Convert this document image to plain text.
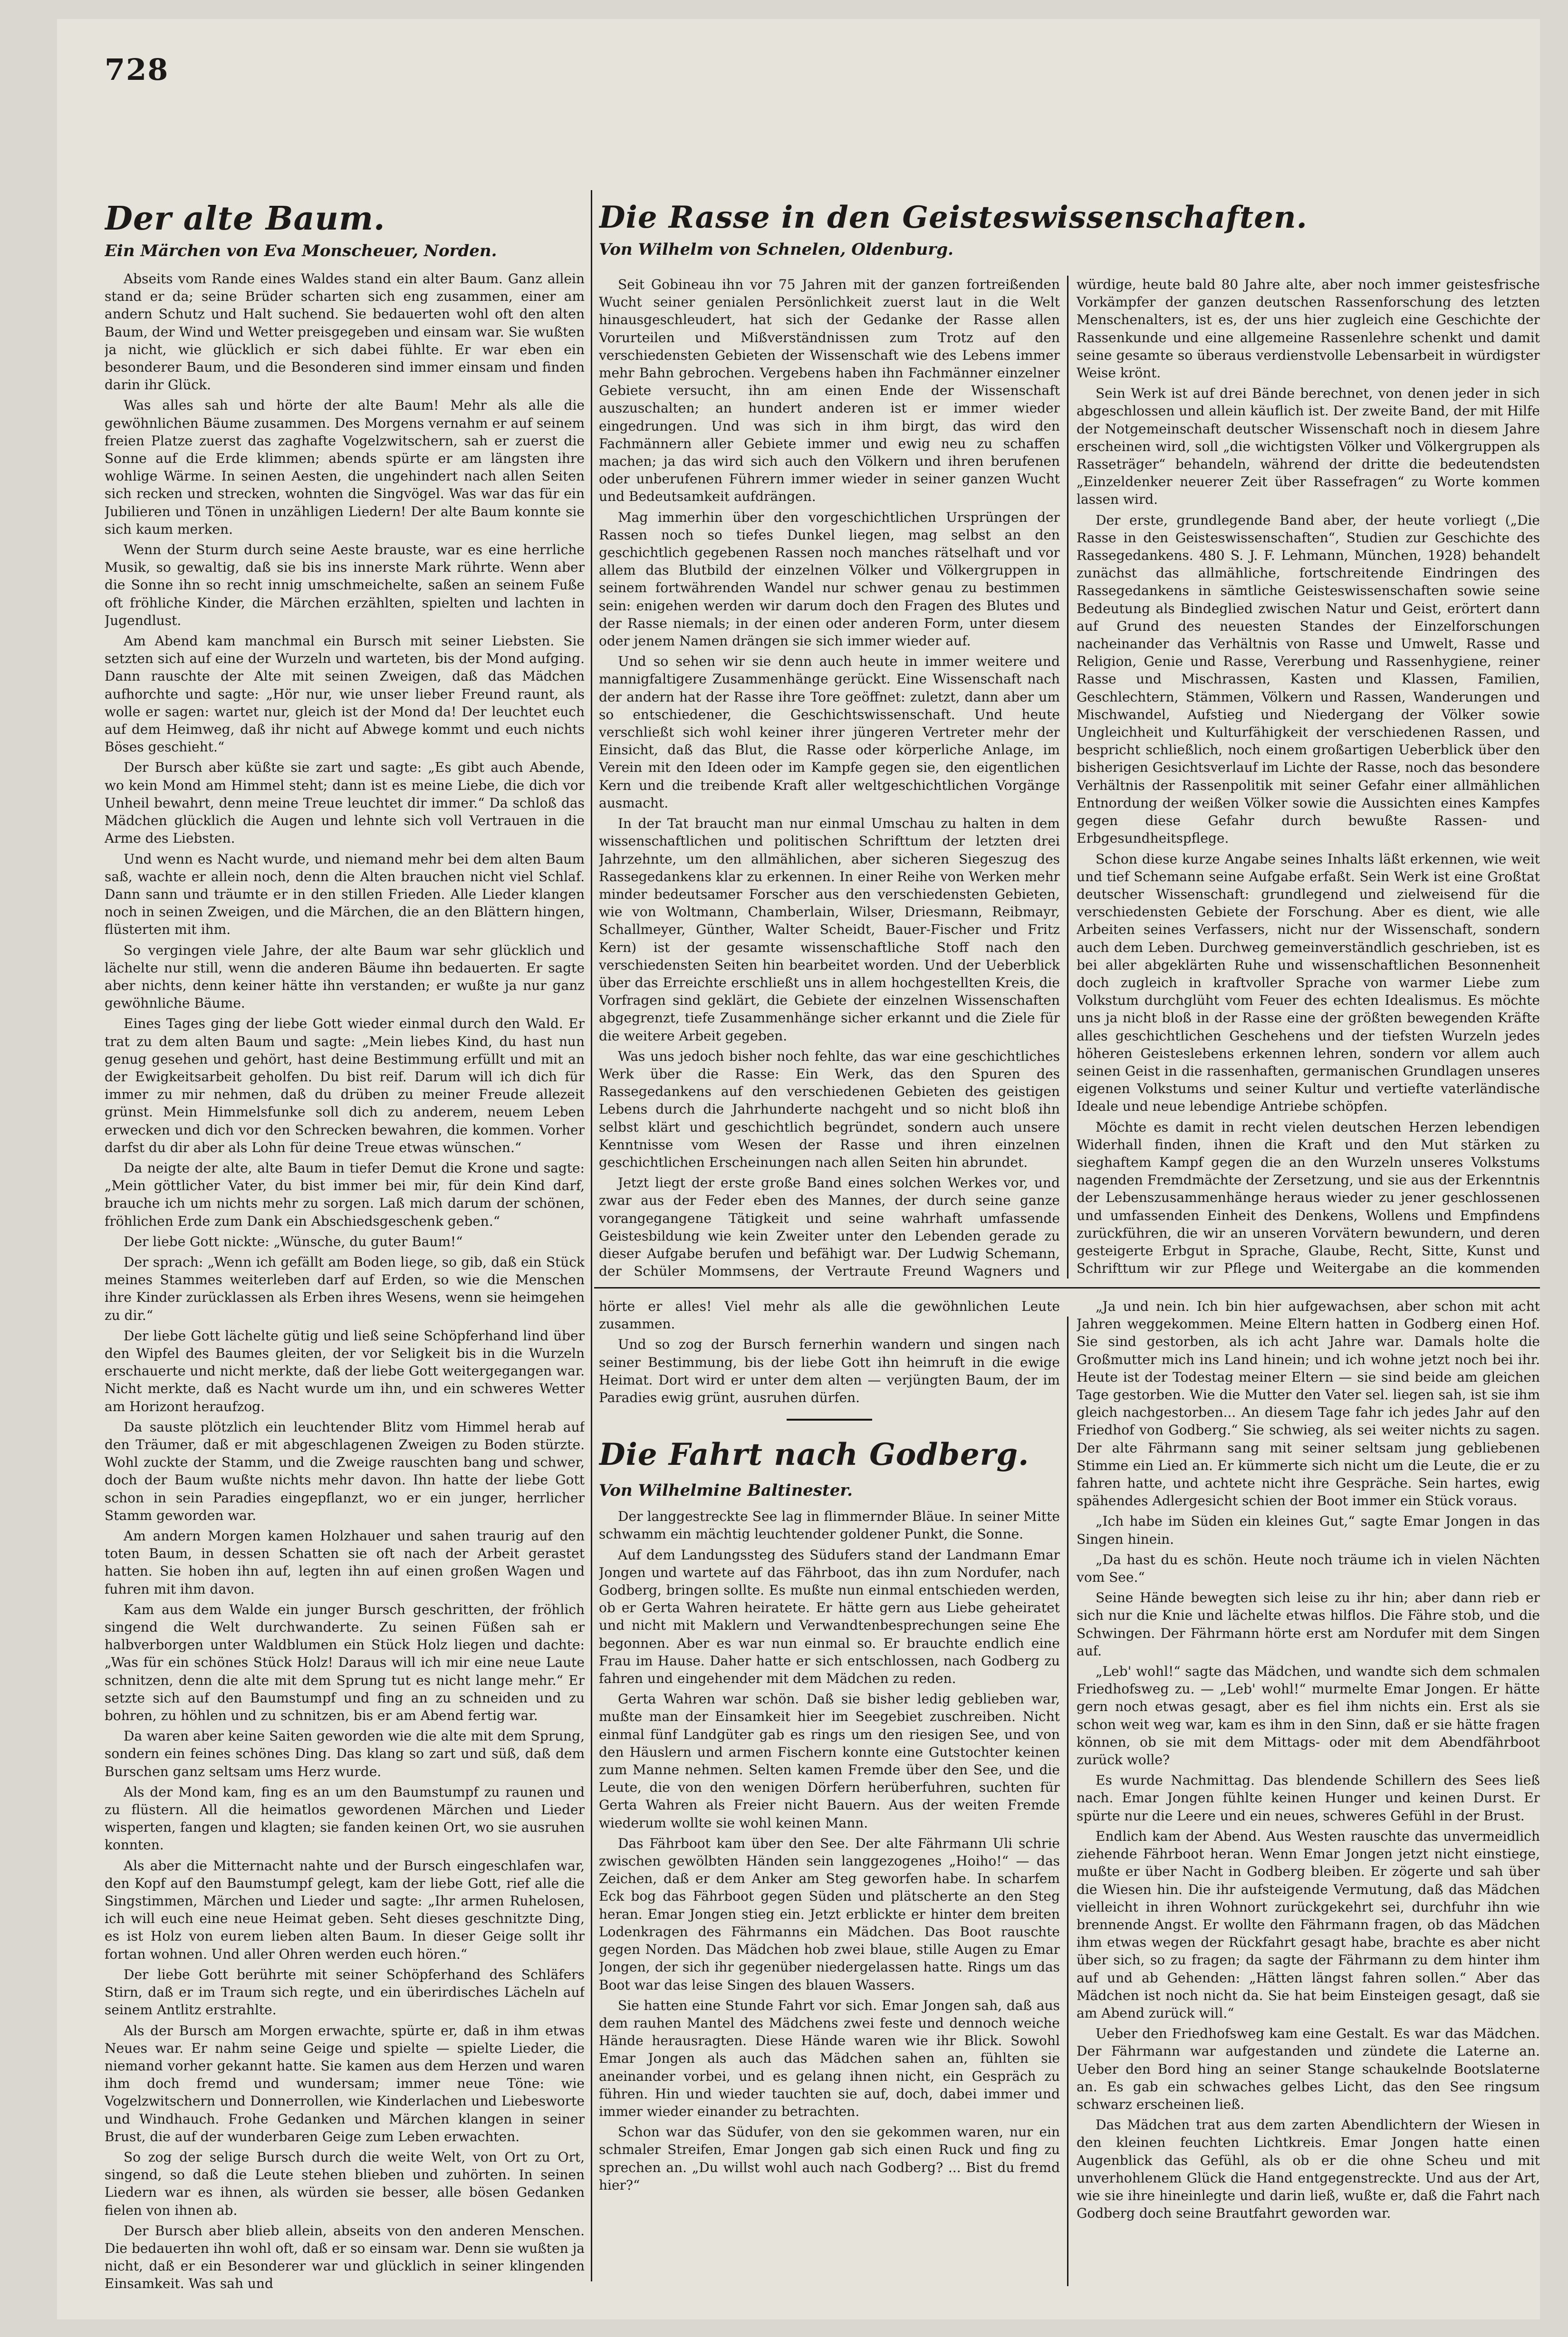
728
Der alte Baum.
Ein Märchen von Eva Monscheuer, Norden.

Abseits vom Rande eines Waldes stand ein alter Baum. Ganz allein stand er da; seine Brüder scharten sich eng zusammen, einer am andern Schutz und Halt suchend. Sie bedauerten wohl oft den alten Baum, der Wind und Wetter preisgegeben und einsam war. Sie wußten ja nicht, wie glücklich er sich dabei fühlte. Er war eben ein besonderer Baum, und die Besonderen sind immer einsam und finden darin ihr Glück.

Was alles sah und hörte der alte Baum! Mehr als alle die gewöhnlichen Bäume zusammen. Des Morgens vernahm er auf seinem freien Platze zuerst das zaghafte Vogelzwitschern, sah er zuerst die Sonne auf die Erde klimmen; abends spürte er am längsten ihre wohlige Wärme. In seinen Aesten, die ungehindert nach allen Seiten sich recken und strecken, wohnten die Singvögel. Was war das für ein Jubilieren und Tönen in unzähligen Liedern! Der alte Baum konnte sie sich kaum merken.

Wenn der Sturm durch seine Aeste brauste, war es eine herrliche Musik, so gewaltig, daß sie bis ins innerste Mark rührte. Wenn aber die Sonne ihn so recht innig umschmeichelte, saßen an seinem Fuße oft fröhliche Kinder, die Märchen erzählten, spielten und lachten in Jugendlust.

Am Abend kam manchmal ein Bursch mit seiner Liebsten. Sie setzten sich auf eine der Wurzeln und warteten, bis der Mond aufging. Dann rauschte der Alte mit seinen Zweigen, daß das Mädchen aufhorchte und sagte: „Hör nur, wie unser lieber Freund raunt, als wolle er sagen: wartet nur, gleich ist der Mond da! Der leuchtet euch auf dem Heimweg, daß ihr nicht auf Abwege kommt und euch nichts Böses geschieht.“

Der Bursch aber küßte sie zart und sagte: „Es gibt auch Abende, wo kein Mond am Himmel steht; dann ist es meine Liebe, die dich vor Unheil bewahrt, denn meine Treue leuchtet dir immer.“ Da schloß das Mädchen glücklich die Augen und lehnte sich voll Vertrauen in die Arme des Liebsten.

Und wenn es Nacht wurde, und niemand mehr bei dem alten Baum saß, wachte er allein noch, denn die Alten brauchen nicht viel Schlaf. Dann sann und träumte er in den stillen Frieden. Alle Lieder klangen noch in seinen Zweigen, und die Märchen, die an den Blättern hingen, flüsterten mit ihm.

So vergingen viele Jahre, der alte Baum war sehr glücklich und lächelte nur still, wenn die anderen Bäume ihn bedauerten. Er sagte aber nichts, denn keiner hätte ihn verstanden; er wußte ja nur ganz gewöhnliche Bäume.

Eines Tages ging der liebe Gott wieder einmal durch den Wald. Er trat zu dem alten Baum und sagte: „Mein liebes Kind, du hast nun genug gesehen und gehört, hast deine Bestimmung erfüllt und mit an der Ewigkeitsarbeit geholfen. Du bist reif. Darum will ich dich für immer zu mir nehmen, daß du drüben zu meiner Freude allezeit grünst. Mein Himmelsfunke soll dich zu anderem, neuem Leben erwecken und dich vor den Schrecken bewahren, die kommen. Vorher darfst du dir aber als Lohn für deine Treue etwas wünschen.“

Da neigte der alte, alte Baum in tiefer Demut die Krone und sagte: „Mein göttlicher Vater, du bist immer bei mir, für dein Kind darf, brauche ich um nichts mehr zu sorgen. Laß mich darum der schönen, fröhlichen Erde zum Dank ein Abschiedsgeschenk geben.“

Der liebe Gott nickte: „Wünsche, du guter Baum!“

Der sprach: „Wenn ich gefällt am Boden liege, so gib, daß ein Stück meines Stammes weiterleben darf auf Erden, so wie die Menschen ihre Kinder zurücklassen als Erben ihres Wesens, wenn sie heimgehen zu dir.“

Der liebe Gott lächelte gütig und ließ seine Schöpferhand lind über den Wipfel des Baumes gleiten, der vor Seligkeit bis in die Wurzeln erschauerte und nicht merkte, daß der liebe Gott weitergegangen war. Nicht merkte, daß es Nacht wurde um ihn, und ein schweres Wetter am Horizont heraufzog.

Da sauste plötzlich ein leuchtender Blitz vom Himmel herab auf den Träumer, daß er mit abgeschlagenen Zweigen zu Boden stürzte. Wohl zuckte der Stamm, und die Zweige rauschten bang und schwer, doch der Baum wußte nichts mehr davon. Ihn hatte der liebe Gott schon in sein Paradies eingepflanzt, wo er ein junger, herrlicher Stamm geworden war.

Am andern Morgen kamen Holzhauer und sahen traurig auf den toten Baum, in dessen Schatten sie oft nach der Arbeit gerastet hatten. Sie hoben ihn auf, legten ihn auf einen großen Wagen und fuhren mit ihm davon.

Kam aus dem Walde ein junger Bursch geschritten, der fröhlich singend die Welt durchwanderte. Zu seinen Füßen sah er halbverborgen unter Waldblumen ein Stück Holz liegen und dachte: „Was für ein schönes Stück Holz! Daraus will ich mir eine neue Laute schnitzen, denn die alte mit dem Sprung tut es nicht lange mehr.“ Er setzte sich auf den Baumstumpf und fing an zu schneiden und zu bohren, zu höhlen und zu schnitzen, bis er am Abend fertig war.

Da waren aber keine Saiten geworden wie die alte mit dem Sprung, sondern ein feines schönes Ding. Das klang so zart und süß, daß dem Burschen ganz seltsam ums Herz wurde.

Als der Mond kam, fing es an um den Baumstumpf zu raunen und zu flüstern. All die heimatlos gewordenen Märchen und Lieder wisperten, fangen und klagten; sie fanden keinen Ort, wo sie ausruhen konnten.

Als aber die Mitternacht nahte und der Bursch eingeschlafen war, den Kopf auf den Baumstumpf gelegt, kam der liebe Gott, rief alle die Singstimmen, Märchen und Lieder und sagte: „Ihr armen Ruhelosen, ich will euch eine neue Heimat geben. Seht dieses geschnitzte Ding, es ist Holz von eurem lieben alten Baum. In dieser Geige sollt ihr fortan wohnen. Und aller Ohren werden euch hören.“

Der liebe Gott berührte mit seiner Schöpferhand des Schläfers Stirn, daß er im Traum sich regte, und ein überirdisches Lächeln auf seinem Antlitz erstrahlte.

Als der Bursch am Morgen erwachte, spürte er, daß in ihm etwas Neues war. Er nahm seine Geige und spielte — spielte Lieder, die niemand vorher gekannt hatte. Sie kamen aus dem Herzen und waren ihm doch fremd und wundersam; immer neue Töne: wie Vogelzwitschern und Donnerrollen, wie Kinderlachen und Liebesworte und Windhauch. Frohe Gedanken und Märchen klangen in seiner Brust, die auf der wunderbaren Geige zum Leben erwachten.

So zog der selige Bursch durch die weite Welt, von Ort zu Ort, singend, so daß die Leute stehen blieben und zuhörten. In seinen Liedern war es ihnen, als würden sie besser, alle bösen Gedanken fielen von ihnen ab.

Der Bursch aber blieb allein, abseits von den anderen Menschen. Die bedauerten ihn wohl oft, daß er so einsam war. Denn sie wußten ja nicht, daß er ein Besonderer war und glücklich in seiner klingenden Einsamkeit. Was sah und

Die Rasse in den Geisteswissenschaften.
Von Wilhelm von Schnelen, Oldenburg.

Seit Gobineau ihn vor 75 Jahren mit der ganzen fortreißenden Wucht seiner genialen Persönlichkeit zuerst laut in die Welt hinausgeschleudert, hat sich der Gedanke der Rasse allen Vorurteilen und Mißverständnissen zum Trotz auf den verschiedensten Gebieten der Wissenschaft wie des Lebens immer mehr Bahn gebrochen. Vergebens haben ihn Fachmänner einzelner Gebiete versucht, ihn am einen Ende der Wissenschaft auszuschalten; an hundert anderen ist er immer wieder eingedrungen. Und was sich in ihm birgt, das wird den Fachmännern aller Gebiete immer und ewig neu zu schaffen machen; ja das wird sich auch den Völkern und ihren berufenen oder unberufenen Führern immer wieder in seiner ganzen Wucht und Bedeutsamkeit aufdrängen.

Mag immerhin über den vorgeschichtlichen Ursprüngen der Rassen noch so tiefes Dunkel liegen, mag selbst an den geschichtlich gegebenen Rassen noch manches rätselhaft und vor allem das Blutbild der einzelnen Völker und Völkergruppen in seinem fortwährenden Wandel nur schwer genau zu bestimmen sein: enigehen werden wir darum doch den Fragen des Blutes und der Rasse niemals; in der einen oder anderen Form, unter diesem oder jenem Namen drängen sie sich immer wieder auf.

Und so sehen wir sie denn auch heute in immer weitere und mannigfaltigere Zusammenhänge gerückt. Eine Wissenschaft nach der andern hat der Rasse ihre Tore geöffnet: zuletzt, dann aber um so entschiedener, die Geschichtswissenschaft. Und heute verschließt sich wohl keiner ihrer jüngeren Vertreter mehr der Einsicht, daß das Blut, die Rasse oder körperliche Anlage, im Verein mit den Ideen oder im Kampfe gegen sie, den eigentlichen Kern und die treibende Kraft aller weltgeschichtlichen Vorgänge ausmacht.

In der Tat braucht man nur einmal Umschau zu halten in dem wissenschaftlichen und politischen Schrifttum der letzten drei Jahrzehnte, um den allmählichen, aber sicheren Siegeszug des Rassegedankens klar zu erkennen. In einer Reihe von Werken mehr minder bedeutsamer Forscher aus den verschiedensten Gebieten, wie von Woltmann, Chamberlain, Wilser, Driesmann, Reibmayr, Schallmeyer, Günther, Walter Scheidt, Bauer-Fischer und Fritz Kern) ist der gesamte wissenschaftliche Stoff nach den verschiedensten Seiten hin bearbeitet worden. Und der Ueberblick über das Erreichte erschließt uns in allem hochgestellten Kreis, die Vorfragen sind geklärt, die Gebiete der einzelnen Wissenschaften abgegrenzt, tiefe Zusammenhänge sicher erkannt und die Ziele für die weitere Arbeit gegeben.

Was uns jedoch bisher noch fehlte, das war eine geschichtliches Werk über die Rasse: Ein Werk, das den Spuren des Rassegedankens auf den verschiedenen Gebieten des geistigen Lebens durch die Jahrhunderte nachgeht und so nicht bloß ihn selbst klärt und geschichtlich begründet, sondern auch unsere Kenntnisse vom Wesen der Rasse und ihren einzelnen geschichtlichen Erscheinungen nach allen Seiten hin abrundet.

Jetzt liegt der erste große Band eines solchen Werkes vor, und zwar aus der Feder eben des Mannes, der durch seine ganze vorangegangene Tätigkeit und seine wahrhaft umfassende Geistesbildung wie kein Zweiter unter den Lebenden gerade zu dieser Aufgabe berufen und befähigt war. Der Ludwig Schemann, der Schüler Mommsens, der Vertraute Freund Wagners und

würdige, heute bald 80 Jahre alte, aber noch immer geistesfrische Vorkämpfer der ganzen deutschen Rassenforschung des letzten Menschenalters, ist es, der uns hier zugleich eine Geschichte der Rassenkunde und eine allgemeine Rassenlehre schenkt und damit seine gesamte so überaus verdienstvolle Lebensarbeit in würdigster Weise krönt.

Sein Werk ist auf drei Bände berechnet, von denen jeder in sich abgeschlossen und allein käuflich ist. Der zweite Band, der mit Hilfe der Notgemeinschaft deutscher Wissenschaft noch in diesem Jahre erscheinen wird, soll „die wichtigsten Völker und Völkergruppen als Rasseträger“ behandeln, während der dritte die bedeutendsten „Einzeldenker neuerer Zeit über Rassefragen“ zu Worte kommen lassen wird.

Der erste, grundlegende Band aber, der heute vorliegt („Die Rasse in den Geisteswissenschaften“, Studien zur Geschichte des Rassegedankens. 480 S. J. F. Lehmann, München, 1928) behandelt zunächst das allmähliche, fortschreitende Eindringen des Rassegedankens in sämtliche Geisteswissenschaften sowie seine Bedeutung als Bindeglied zwischen Natur und Geist, erörtert dann auf Grund des neuesten Standes der Einzelforschungen nacheinander das Verhältnis von Rasse und Umwelt, Rasse und Religion, Genie und Rasse, Vererbung und Rassenhygiene, reiner Rasse und Mischrassen, Kasten und Klassen, Familien, Geschlechtern, Stämmen, Völkern und Rassen, Wanderungen und Mischwandel, Aufstieg und Niedergang der Völker sowie Ungleichheit und Kulturfähigkeit der verschiedenen Rassen, und bespricht schließlich, noch einem großartigen Ueberblick über den bisherigen Gesichtsverlauf im Lichte der Rasse, noch das besondere Verhältnis der Rassenpolitik mit seiner Gefahr einer allmählichen Entnordung der weißen Völker sowie die Aussichten eines Kampfes gegen diese Gefahr durch bewußte Rassen- und Erbgesundheitspflege.

Schon diese kurze Angabe seines Inhalts läßt erkennen, wie weit und tief Schemann seine Aufgabe erfaßt. Sein Werk ist eine Großtat deutscher Wissenschaft: grundlegend und zielweisend für die verschiedensten Gebiete der Forschung. Aber es dient, wie alle Arbeiten seines Verfassers, nicht nur der Wissenschaft, sondern auch dem Leben. Durchweg gemeinverständlich geschrieben, ist es bei aller abgeklärten Ruhe und wissenschaftlichen Besonnenheit doch zugleich in kraftvoller Sprache von warmer Liebe zum Volkstum durchglüht vom Feuer des echten Idealismus. Es möchte uns ja nicht bloß in der Rasse eine der größten bewegenden Kräfte alles geschichtlichen Geschehens und der tiefsten Wurzeln jedes höheren Geisteslebens erkennen lehren, sondern vor allem auch seinen Geist in die rassenhaften, germanischen Grundlagen unseres eigenen Volkstums und seiner Kultur und vertiefte vaterländische Ideale und neue lebendige Antriebe schöpfen.

Möchte es damit in recht vielen deutschen Herzen lebendigen Widerhall finden, ihnen die Kraft und den Mut stärken zu sieghaftem Kampf gegen die an den Wurzeln unseres Volkstums nagenden Fremdmächte der Zersetzung, und sie aus der Erkenntnis der Lebenszusammenhänge heraus wieder zu jener geschlossenen und umfassenden Einheit des Denkens, Wollens und Empfindens zurückführen, die wir an unseren Vorvätern bewundern, und deren gesteigerte Erbgut in Sprache, Glaube, Recht, Sitte, Kunst und Schrifttum wir zur Pflege und Weitergabe an die kommenden

hörte er alles! Viel mehr als alle die gewöhnlichen Leute zusammen.

Und so zog der Bursch fernerhin wandern und singen nach seiner Bestimmung, bis der liebe Gott ihn heimruft in die ewige Heimat. Dort wird er unter dem alten — verjüngten Baum, der im Paradies ewig grünt, ausruhen dürfen.

Die Fahrt nach Godberg.
Von Wilhelmine Baltinester.

Der langgestreckte See lag in flimmernder Bläue. In seiner Mitte schwamm ein mächtig leuchtender goldener Punkt, die Sonne.

Auf dem Landungssteg des Südufers stand der Landmann Emar Jongen und wartete auf das Fährboot, das ihn zum Nordufer, nach Godberg, bringen sollte. Es mußte nun einmal entschieden werden, ob er Gerta Wahren heiratete. Er hätte gern aus Liebe geheiratet und nicht mit Maklern und Verwandtenbesprechungen seine Ehe begonnen. Aber es war nun einmal so. Er brauchte endlich eine Frau im Hause. Daher hatte er sich entschlossen, nach Godberg zu fahren und eingehender mit dem Mädchen zu reden.

Gerta Wahren war schön. Daß sie bisher ledig geblieben war, mußte man der Einsamkeit hier im Seegebiet zuschreiben. Nicht einmal fünf Landgüter gab es rings um den riesigen See, und von den Häuslern und armen Fischern konnte eine Gutstochter keinen zum Manne nehmen. Selten kamen Fremde über den See, und die Leute, die von den wenigen Dörfern herüberfuhren, suchten für Gerta Wahren als Freier nicht Bauern. Aus der weiten Fremde wiederum wollte sie wohl keinen Mann.

Das Fährboot kam über den See. Der alte Fährmann Uli schrie zwischen gewölbten Händen sein langgezogenes „Hoiho!“ — das Zeichen, daß er dem Anker am Steg geworfen habe. In scharfem Eck bog das Fährboot gegen Süden und plätscherte an den Steg heran. Emar Jongen stieg ein. Jetzt erblickte er hinter dem breiten Lodenkragen des Fährmanns ein Mädchen. Das Boot rauschte gegen Norden. Das Mädchen hob zwei blaue, stille Augen zu Emar Jongen, der sich ihr gegenüber niedergelassen hatte. Rings um das Boot war das leise Singen des blauen Wassers.

Sie hatten eine Stunde Fahrt vor sich. Emar Jongen sah, daß aus dem rauhen Mantel des Mädchens zwei feste und dennoch weiche Hände herausragten. Diese Hände waren wie ihr Blick. Sowohl Emar Jongen als auch das Mädchen sahen an, fühlten sie aneinander vorbei, und es gelang ihnen nicht, ein Gespräch zu führen. Hin und wieder tauchten sie auf, doch, dabei immer und immer wieder einander zu betrachten.

Schon war das Südufer, von den sie gekommen waren, nur ein schmaler Streifen, Emar Jongen gab sich einen Ruck und fing zu sprechen an. „Du willst wohl auch nach Godberg? ... Bist du fremd hier?“

„Ja und nein. Ich bin hier aufgewachsen, aber schon mit acht Jahren weggekommen. Meine Eltern hatten in Godberg einen Hof. Sie sind gestorben, als ich acht Jahre war. Damals holte die Großmutter mich ins Land hinein; und ich wohne jetzt noch bei ihr. Heute ist der Todestag meiner Eltern — sie sind beide am gleichen Tage gestorben. Wie die Mutter den Vater sel. liegen sah, ist sie ihm gleich nachgestorben... An diesem Tage fahr ich jedes Jahr auf den Friedhof von Godberg.“ Sie schwieg, als sei weiter nichts zu sagen. Der alte Fährmann sang mit seiner seltsam jung gebliebenen Stimme ein Lied an. Er kümmerte sich nicht um die Leute, die er zu fahren hatte, und achtete nicht ihre Gespräche. Sein hartes, ewig spähendes Adlergesicht schien der Boot immer ein Stück voraus.

„Ich habe im Süden ein kleines Gut,“ sagte Emar Jongen in das Singen hinein.

„Da hast du es schön. Heute noch träume ich in vielen Nächten vom See.“

Seine Hände bewegten sich leise zu ihr hin; aber dann rieb er sich nur die Knie und lächelte etwas hilflos. Die Fähre stob, und die Schwingen. Der Fährmann hörte erst am Nordufer mit dem Singen auf.

„Leb' wohl!“ sagte das Mädchen, und wandte sich dem schmalen Friedhofsweg zu. — „Leb' wohl!“ murmelte Emar Jongen. Er hätte gern noch etwas gesagt, aber es fiel ihm nichts ein. Erst als sie schon weit weg war, kam es ihm in den Sinn, daß er sie hätte fragen können, ob sie mit dem Mittags- oder mit dem Abendfährboot zurück wolle?

Es wurde Nachmittag. Das blendende Schillern des Sees ließ nach. Emar Jongen fühlte keinen Hunger und keinen Durst. Er spürte nur die Leere und ein neues, schweres Gefühl in der Brust.

Endlich kam der Abend. Aus Westen rauschte das unvermeidlich ziehende Fährboot heran. Wenn Emar Jongen jetzt nicht einstiege, mußte er über Nacht in Godberg bleiben. Er zögerte und sah über die Wiesen hin. Die ihr aufsteigende Vermutung, daß das Mädchen vielleicht in ihren Wohnort zurückgekehrt sei, durchfuhr ihn wie brennende Angst. Er wollte den Fährmann fragen, ob das Mädchen ihm etwas wegen der Rückfahrt gesagt habe, brachte es aber nicht über sich, so zu fragen; da sagte der Fährmann zu dem hinter ihm auf und ab Gehenden: „Hätten längst fahren sollen.“ Aber das Mädchen ist noch nicht da. Sie hat beim Einsteigen gesagt, daß sie am Abend zurück will.“

Ueber den Friedhofsweg kam eine Gestalt. Es war das Mädchen. Der Fährmann war aufgestanden und zündete die Laterne an. Ueber den Bord hing an seiner Stange schaukelnde Bootslaterne an. Es gab ein schwaches gelbes Licht, das den See ringsum schwarz erscheinen ließ.

Das Mädchen trat aus dem zarten Abendlichtern der Wiesen in den kleinen feuchten Lichtkreis. Emar Jongen hatte einen Augenblick das Gefühl, als ob er die ohne Scheu und mit unverhohlenem Glück die Hand entgegenstreckte. Und aus der Art, wie sie ihre hineinlegte und darin ließ, wußte er, daß die Fahrt nach Godberg doch seine Brautfahrt geworden war.
